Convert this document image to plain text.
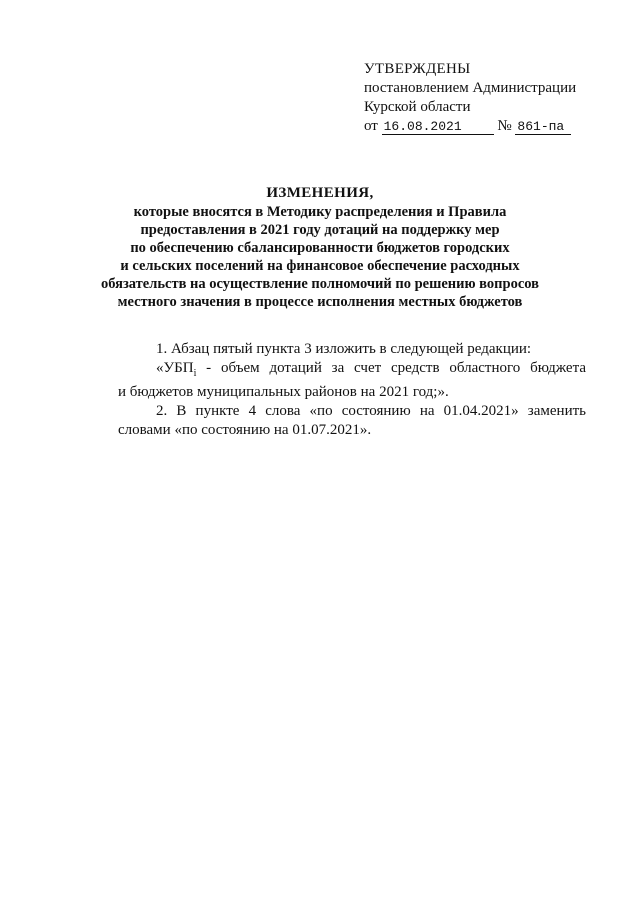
УТВЕРЖДЕНЫ
постановлением Администрации
Курской области
от 16.08.2021 № 861-па
ИЗМЕНЕНИЯ,
которые вносятся в Методику распределения и Правила
предоставления в 2021 году дотаций на поддержку мер
по обеспечению сбалансированности бюджетов городских
и сельских поселений на финансовое обеспечение расходных
обязательств на осуществление полномочий по решению вопросов
местного значения в процессе исполнения местных бюджетов

1. Абзац пятый пункта 3 изложить в следующей редакции:

«$УБП_i$ - объем дотаций за счет средств областного бюджета

и бюджетов муниципальных районов на 2021 год;».

2. В пункте 4 слова «по состоянию на 01.04.2021» заменить

словами «по состоянию на 01.07.2021».
